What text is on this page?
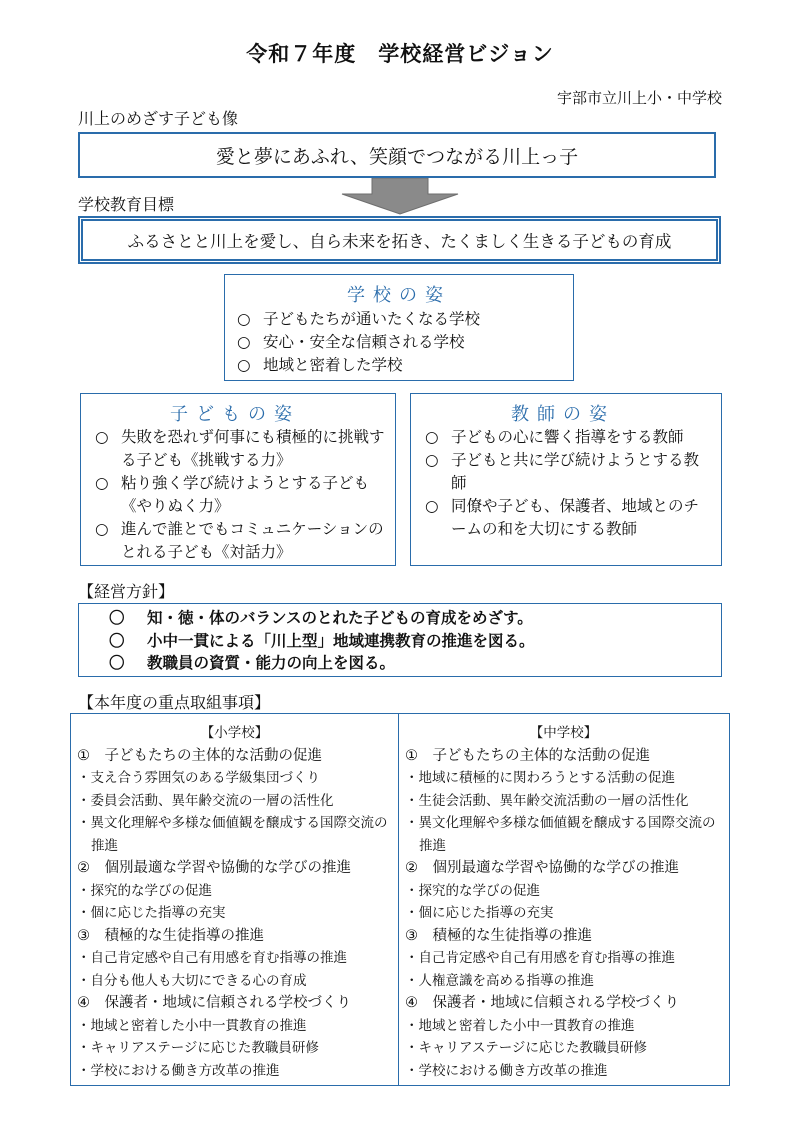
令和７年度　学校経営ビジョン
宇部市立川上小・中学校
川上のめざす子ども像
愛と夢にあふれ、笑顔でつながる川上っ子
学校教育目標
ふるさとと川上を愛し、自ら未来を拓き、たくましく生きる子どもの育成
学校の姿
○ 子どもたちが通いたくなる学校
○ 安心・安全な信頼される学校
○ 地域と密着した学校
子どもの姿
○ 失敗を恐れず何事にも積極的に挑戦する子ども《挑戦する力》
○ 粘り強く学び続けようとする子ども《やりぬく力》
○ 進んで誰とでもコミュニケーションのとれる子ども《対話力》
教師の姿
○ 子どもの心に響く指導をする教師
○ 子どもと共に学び続けようとする教師
○ 同僚や子ども、保護者、地域とのチームの和を大切にする教師
【経営方針】
〇 知・徳・体のバランスのとれた子どもの育成をめざす。
〇 小中一貫による「川上型」地域連携教育の推進を図る。
〇 教職員の資質・能力の向上を図る。
【本年度の重点取組事項】
【小学校】
①　子どもたちの主体的な活動の促進
・支え合う雰囲気のある学級集団づくり
・委員会活動、異年齢交流の一層の活性化
・異文化理解や多様な価値観を醸成する国際交流の推進
②　個別最適な学習や協働的な学びの推進
・探究的な学びの促進
・個に応じた指導の充実
③　積極的な生徒指導の推進
・自己肯定感や自己有用感を育む指導の推進
・自分も他人も大切にできる心の育成
④　保護者・地域に信頼される学校づくり
・地域と密着した小中一貫教育の推進
・キャリアステージに応じた教職員研修
・学校における働き方改革の推進
【中学校】
①　子どもたちの主体的な活動の促進
・地域に積極的に関わろうとする活動の促進
・生徒会活動、異年齢交流活動の一層の活性化
・異文化理解や多様な価値観を醸成する国際交流の推進
②　個別最適な学習や協働的な学びの推進
・探究的な学びの促進
・個に応じた指導の充実
③　積極的な生徒指導の推進
・自己肯定感や自己有用感を育む指導の推進
・人権意識を高める指導の推進
④　保護者・地域に信頼される学校づくり
・地域と密着した小中一貫教育の推進
・キャリアステージに応じた教職員研修
・学校における働き方改革の推進
